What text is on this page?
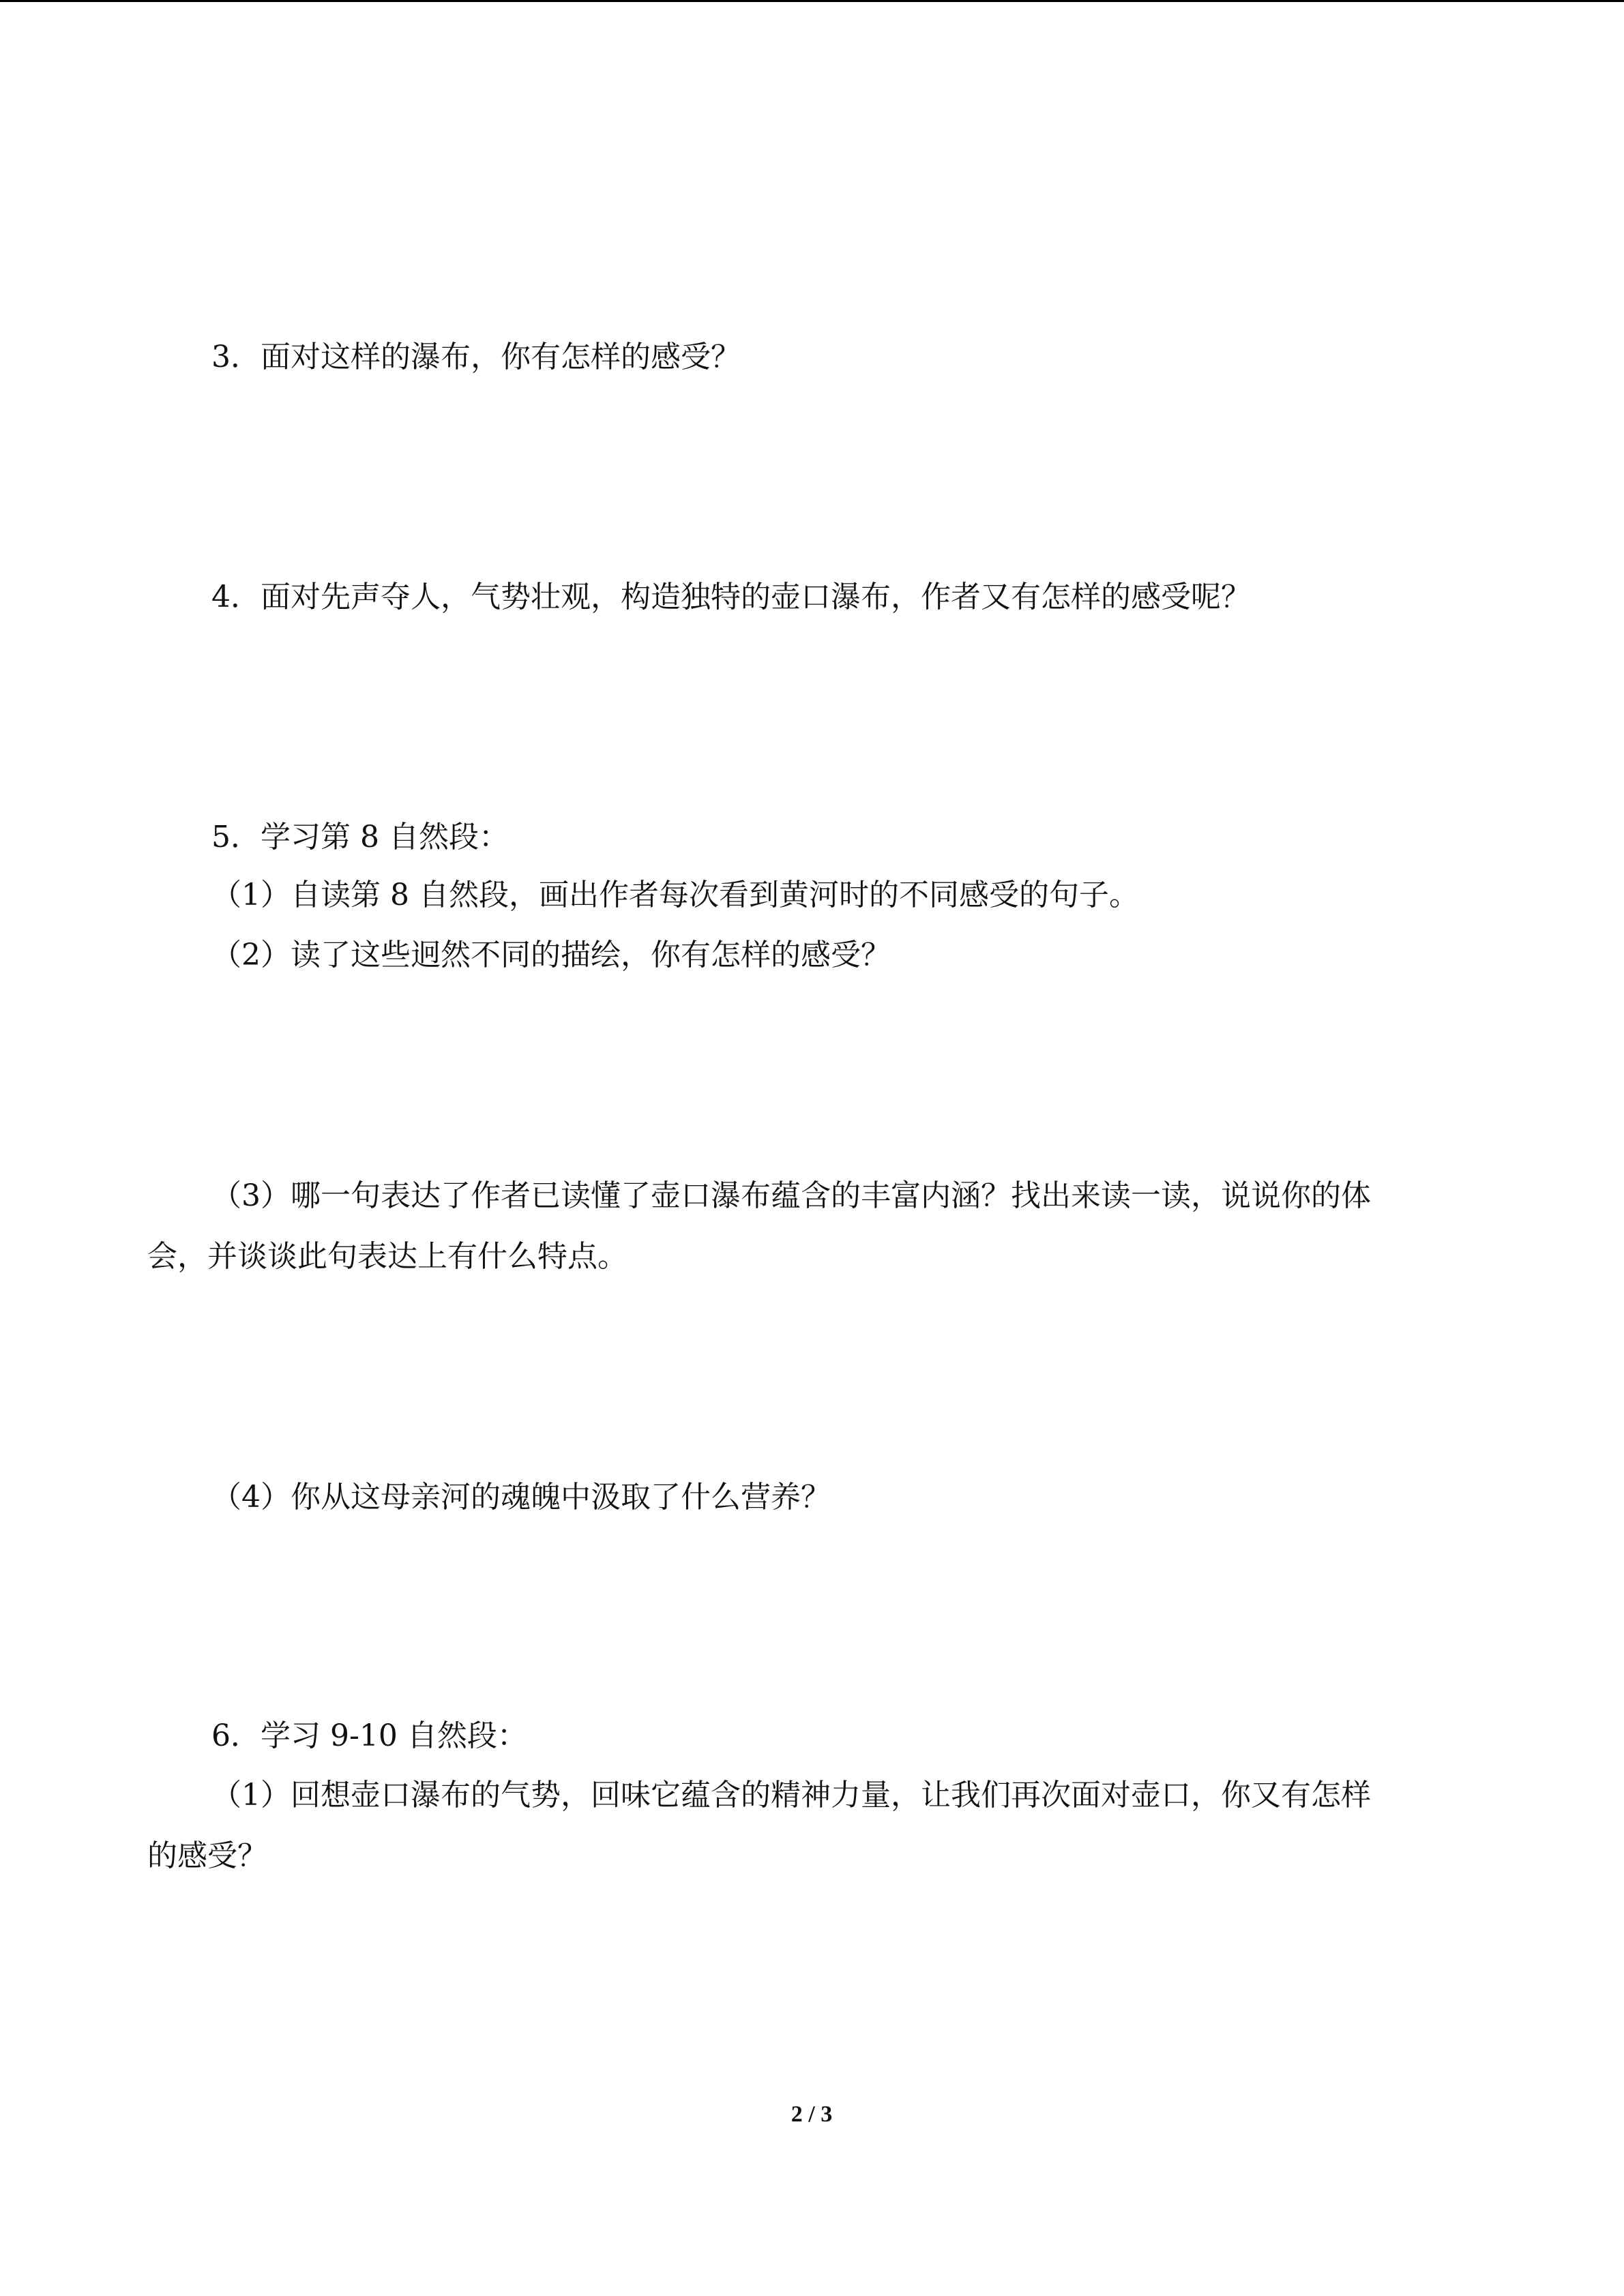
3．面对这样的瀑布，你有怎样的感受？
4．面对先声夺人，气势壮观，构造独特的壶口瀑布，作者又有怎样的感受呢？
5．学习第 8 自然段：
（1）自读第 8 自然段，画出作者每次看到黄河时的不同感受的句子。
（2）读了这些迥然不同的描绘，你有怎样的感受？
（3）哪一句表达了作者已读懂了壶口瀑布蕴含的丰富内涵？找出来读一读，说说你的体
会，并谈谈此句表达上有什么特点。
（4）你从这母亲河的魂魄中汲取了什么营养？
6．学习 9-10 自然段：
（1）回想壶口瀑布的气势，回味它蕴含的精神力量，让我们再次面对壶口，你又有怎样
的感受？
2 / 3
